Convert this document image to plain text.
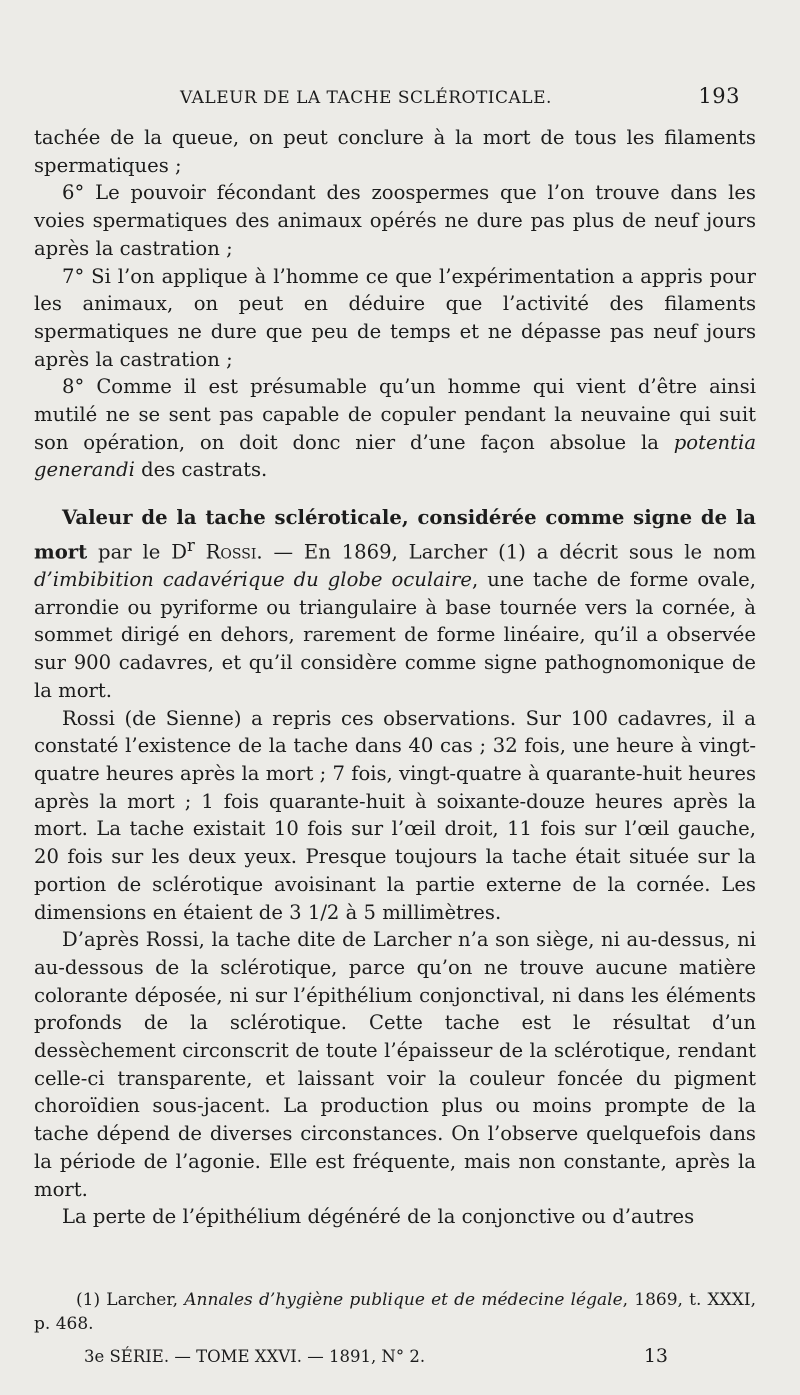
VALEUR DE LA TACHE SCLÉROTICALE.	193

tachée de la queue, on peut conclure à la mort de tous les filaments spermatiques ;

6° Le pouvoir fécondant des zoospermes que l’on trouve dans les voies spermatiques des animaux opérés ne dure pas plus de neuf jours après la castration ;

7° Si l’on applique à l’homme ce que l’expérimentation a appris pour les animaux, on peut en déduire que l’activité des filaments spermatiques ne dure que peu de temps et ne dépasse pas neuf jours après la castration ;

8° Comme il est présumable qu’un homme qui vient d’être ainsi mutilé ne se sent pas capable de copuler pendant la neuvaine qui suit son opération, on doit donc nier d’une façon absolue la potentia generandi des castrats.

Valeur de la tache scléroticale, considérée comme signe de la mort par le $D^r$ Rossi. — En 1869, Larcher (1) a décrit sous le nom d’imbibition cadavérique du globe oculaire, une tache de forme ovale, arrondie ou pyriforme ou triangulaire à base tournée vers la cornée, à sommet dirigé en dehors, rarement de forme linéaire, qu’il a observée sur 900 cadavres, et qu’il considère comme signe pathognomonique de la mort.

Rossi (de Sienne) a repris ces observations. Sur 100 cadavres, il a constaté l’existence de la tache dans 40 cas ; 32 fois, une heure à vingt-quatre heures après la mort ; 7 fois, vingt-quatre à quarante-huit heures après la mort ; 1 fois quarante-huit à soixante-douze heures après la mort. La tache existait 10 fois sur l’œil droit, 11 fois sur l’œil gauche, 20 fois sur les deux yeux. Presque toujours la tache était située sur la portion de sclérotique avoisinant la partie externe de la cornée. Les dimensions en étaient de 3 1/2 à 5 millimètres.

D’après Rossi, la tache dite de Larcher n’a son siège, ni au-dessus, ni au-dessous de la sclérotique, parce qu’on ne trouve aucune matière colorante déposée, ni sur l’épithélium conjonctival, ni dans les éléments profonds de la sclérotique. Cette tache est le résultat d’un dessèchement circonscrit de toute l’épaisseur de la sclérotique, rendant celle-ci transparente, et laissant voir la couleur foncée du pigment choroïdien sous-jacent. La production plus ou moins prompte de la tache dépend de diverses circonstances. On l’observe quelquefois dans la période de l’agonie. Elle est fréquente, mais non constante, après la mort.

La perte de l’épithélium dégénéré de la conjonctive ou d’autres

(1) Larcher, Annales d’hygiène publique et de médecine légale, 1869, t. XXXI, p. 468.
3e SÉRIE. — TOME XXVI. — 1891, N° 2.	13
